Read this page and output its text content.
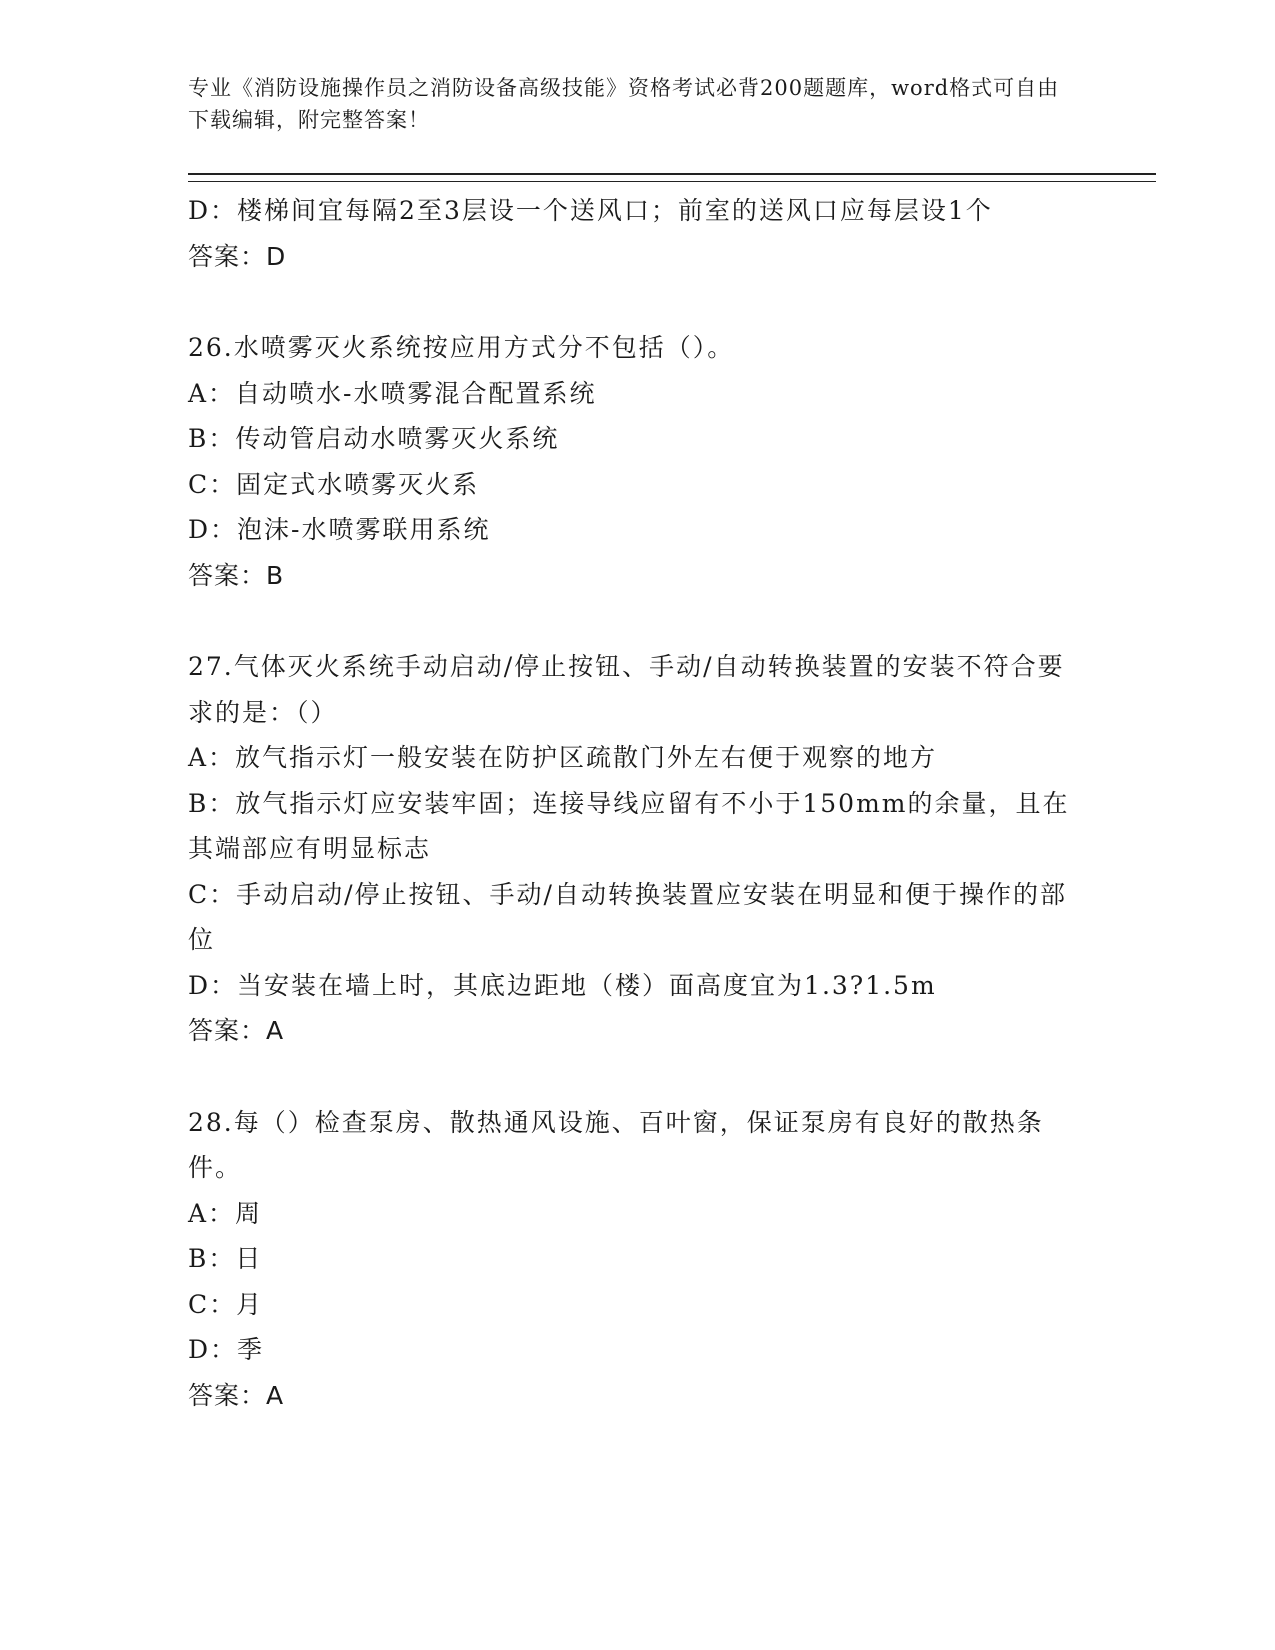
专业《消防设施操作员之消防设备高级技能》资格考试必背200题题库，word格式可自由下载编辑，附完整答案！
D：楼梯间宜每隔2至3层设一个送风口；前室的送风口应每层设1个
答案：D
26.水喷雾灭火系统按应用方式分不包括（）。
A：自动喷水-水喷雾混合配置系统
B：传动管启动水喷雾灭火系统
C：固定式水喷雾灭火系
D：泡沫-水喷雾联用系统
答案：B
27.气体灭火系统手动启动/停止按钮、手动/自动转换装置的安装不符合要求的是：（）
A：放气指示灯一般安装在防护区疏散门外左右便于观察的地方
B：放气指示灯应安装牢固；连接导线应留有不小于150mm的余量，且在其端部应有明显标志
C：手动启动/停止按钮、手动/自动转换装置应安装在明显和便于操作的部位
D：当安装在墙上时，其底边距地（楼）面高度宜为1.3?1.5m
答案：A
28.每（）检查泵房、散热通风设施、百叶窗，保证泵房有良好的散热条件。
A：周
B：日
C：月
D：季
答案：A
